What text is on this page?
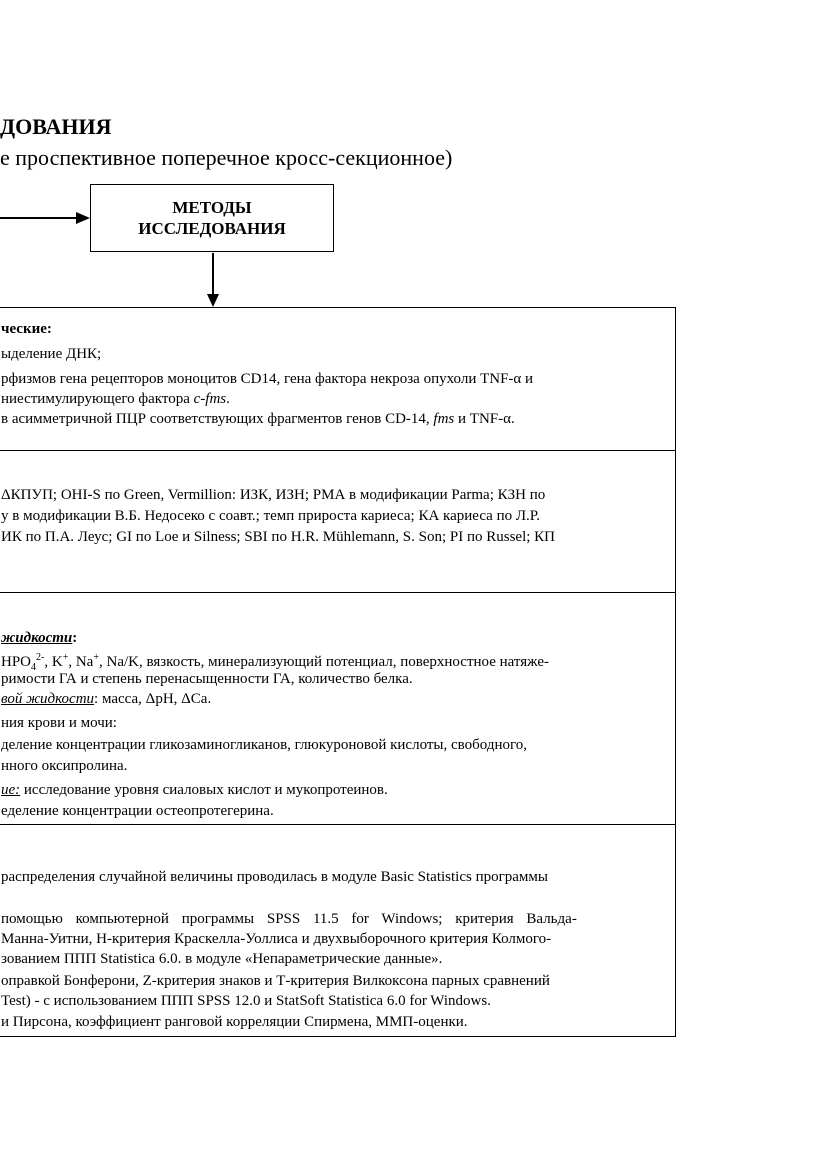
ДОВАНИЯ
е проспективное поперечное кросс-секционное)
МЕТОДЫ
ИССЛЕДОВАНИЯ
ческие:
ыделение ДНК;
рфизмов гена рецепторов моноцитов CD14, гена фактора некроза опухоли TNF-α и
ниестимулирующего фактора c-fms.
в асимметричной ПЦР соответствующих фрагментов генов CD-14, fms и TNF-α.
ΔКПУП; OHI-S по Green, Vermillion: ИЗК, ИЗН; РМА в модификации Parma; КЗН по
у в модификации В.Б. Недосеко с соавт.; темп прироста кариеса; КА кариеса по Л.Р.
ИК по П.А. Леус; GI по Loe и Silness; SBI по H.R. Mühlemann, S. Son; PI по Russel; КП
жидкости:
$HPO_4^{2-}$, K+, Na+, Na/K, вязкость, минерализующий потенциал, поверхностное натяже-
римости ГА и степень перенасыщенности ГА, количество белка.
вой жидкости: масса, ΔрН, ΔCa.
ния крови и мочи:
деление концентрации гликозаминогликанов, глюкуроновой кислоты, свободного,
нного оксипролина.
ие: исследование уровня сиаловых кислот и мукопротеинов.
еделение концентрации остеопротегерина.
распределения случайной величины проводилась в модуле Basic Statistics программы
помощью компьютерной программы SPSS 11.5 for Windows; критерия Вальда-
Манна-Уитни, Н-критерия Краскелла-Уоллиса и двухвыборочного критерия Колмого-
зованием ППП Statistica 6.0. в модуле «Непараметрические данные».
оправкой Бонферони, Z-критерия знаков и Т-критерия Вилкоксона парных сравнений
Test) - с использованием ППП SPSS 12.0 и StatSoft Statistica 6.0 for Windows.
и Пирсона, коэффициент ранговой корреляции Спирмена, ММП-оценки.
